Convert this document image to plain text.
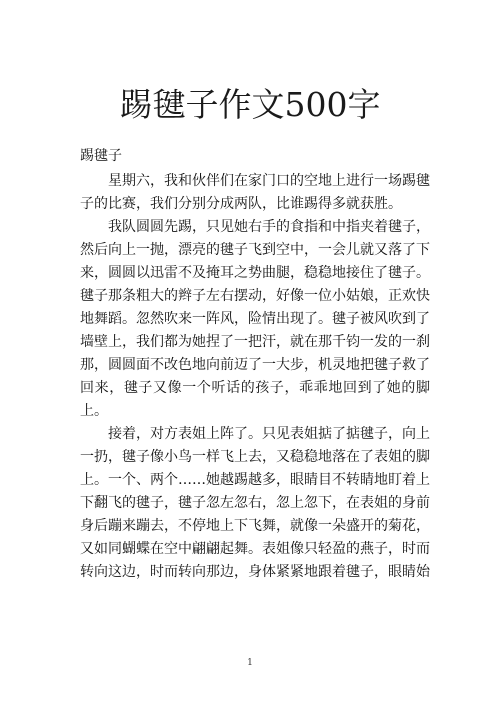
踢毽子作文500字

踢毽子

星期六，我和伙伴们在家门口的空地上进行一场踢毽子的比赛，我们分别分成两队，比谁踢得多就获胜。

我队圆圆先踢，只见她右手的食指和中指夹着毽子，然后向上一抛，漂亮的毽子飞到空中，一会儿就又落了下来，圆圆以迅雷不及掩耳之势曲腿，稳稳地接住了毽子。毽子那条粗大的辫子左右摆动，好像一位小姑娘，正欢快地舞蹈。忽然吹来一阵风，险情出现了。毽子被风吹到了墙壁上，我们都为她捏了一把汗，就在那千钧一发的一刹那，圆圆面不改色地向前迈了一大步，机灵地把毽子救了回来，毽子又像一个听话的孩子，乖乖地回到了她的脚上。

接着，对方表姐上阵了。只见表姐掂了掂毽子，向上一扔，毽子像小鸟一样飞上去，又稳稳地落在了表姐的脚上。一个、两个……她越踢越多，眼睛目不转睛地盯着上下翻飞的毽子，毽子忽左忽右，忽上忽下，在表姐的身前身后蹦来蹦去，不停地上下飞舞，就像一朵盛开的菊花，又如同蝴蝶在空中翩翩起舞。表姐像只轻盈的燕子，时而转向这边，时而转向那边，身体紧紧地跟着毽子，眼睛始

1
